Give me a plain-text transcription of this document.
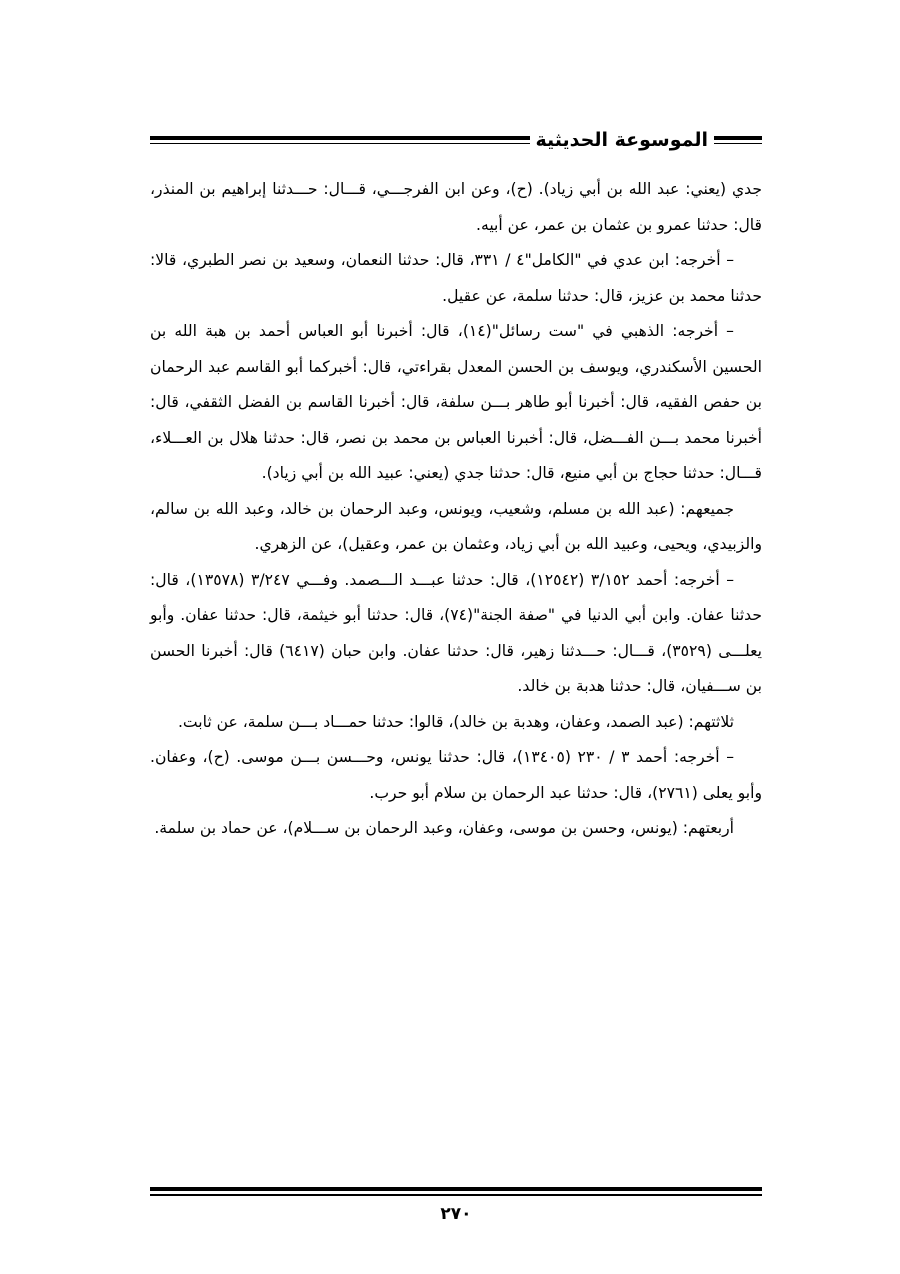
الموسوعة الحديثية

جدي (يعني: عبد الله بن أبي زياد). (ح)، وعن ابن الفرجـــي، قـــال: حـــدثنا إبراهيم بن المنذر، قال: حدثنا عمرو بن عثمان بن عمر، عن أبيه.

– أخرجه: ابن عدي في "الكامل"٤ / ٣٣١، قال: حدثنا النعمان، وسعيد بن نصر الطبري، قالا: حدثنا محمد بن عزيز، قال: حدثنا سلمة، عن عقيل.

– أخرجه: الذهبي في "ست رسائل"(١٤)، قال: أخبرنا أبو العباس أحمد بن هبة الله بن الحسين الأسكندري، ويوسف بن الحسن المعدل بقراءتي، قال: أخبركما أبو القاسم عبد الرحمان بن حفص الفقيه، قال: أخبرنا أبو طاهر بـــن سلفة، قال: أخبرنا القاسم بن الفضل الثقفي، قال: أخبرنا محمد بـــن الفـــضل، قال: أخبرنا العباس بن محمد بن نصر، قال: حدثنا هلال بن العـــلاء، قـــال: حدثنا حجاج بن أبي منيع، قال: حدثنا جدي (يعني: عبيد الله بن أبي زياد).

جميعهم: (عبد الله بن مسلم، وشعيب، ويونس، وعبد الرحمان بن خالد، وعبد الله بن سالم، والزبيدي، ويحيى، وعبيد الله بن أبي زياد، وعثمان بن عمر، وعقيل)، عن الزهري.

– أخرجه: أحمد ٣/١٥٢ (١٢٥٤٢)، قال: حدثنا عبـــد الـــصمد. وفـــي ٣/٢٤٧ (١٣٥٧٨)، قال: حدثنا عفان. وابن أبي الدنيا في "صفة الجنة"(٧٤)، قال: حدثنا أبو خيثمة، قال: حدثنا عفان. وأبو يعلـــى (٣٥٢٩)، قـــال: حـــدثنا زهير، قال: حدثنا عفان. وابن حبان (٦٤١٧) قال: أخبرنا الحسن بن ســـفيان، قال: حدثنا هدبة بن خالد.

ثلاثتهم: (عبد الصمد، وعفان، وهدبة بن خالد)، قالوا: حدثنا حمـــاد بـــن سلمة، عن ثابت.

– أخرجه: أحمد ٣ / ٢٣٠ (١٣٤٠٥)، قال: حدثنا يونس، وحـــسن بـــن موسى. (ح)، وعفان. وأبو يعلى (٢٧٦١)، قال: حدثنا عبد الرحمان بن سلام أبو حرب.

أربعتهم: (يونس، وحسن بن موسى، وعفان، وعبد الرحمان بن ســـلام)، عن حماد بن سلمة.

٢٧٠
